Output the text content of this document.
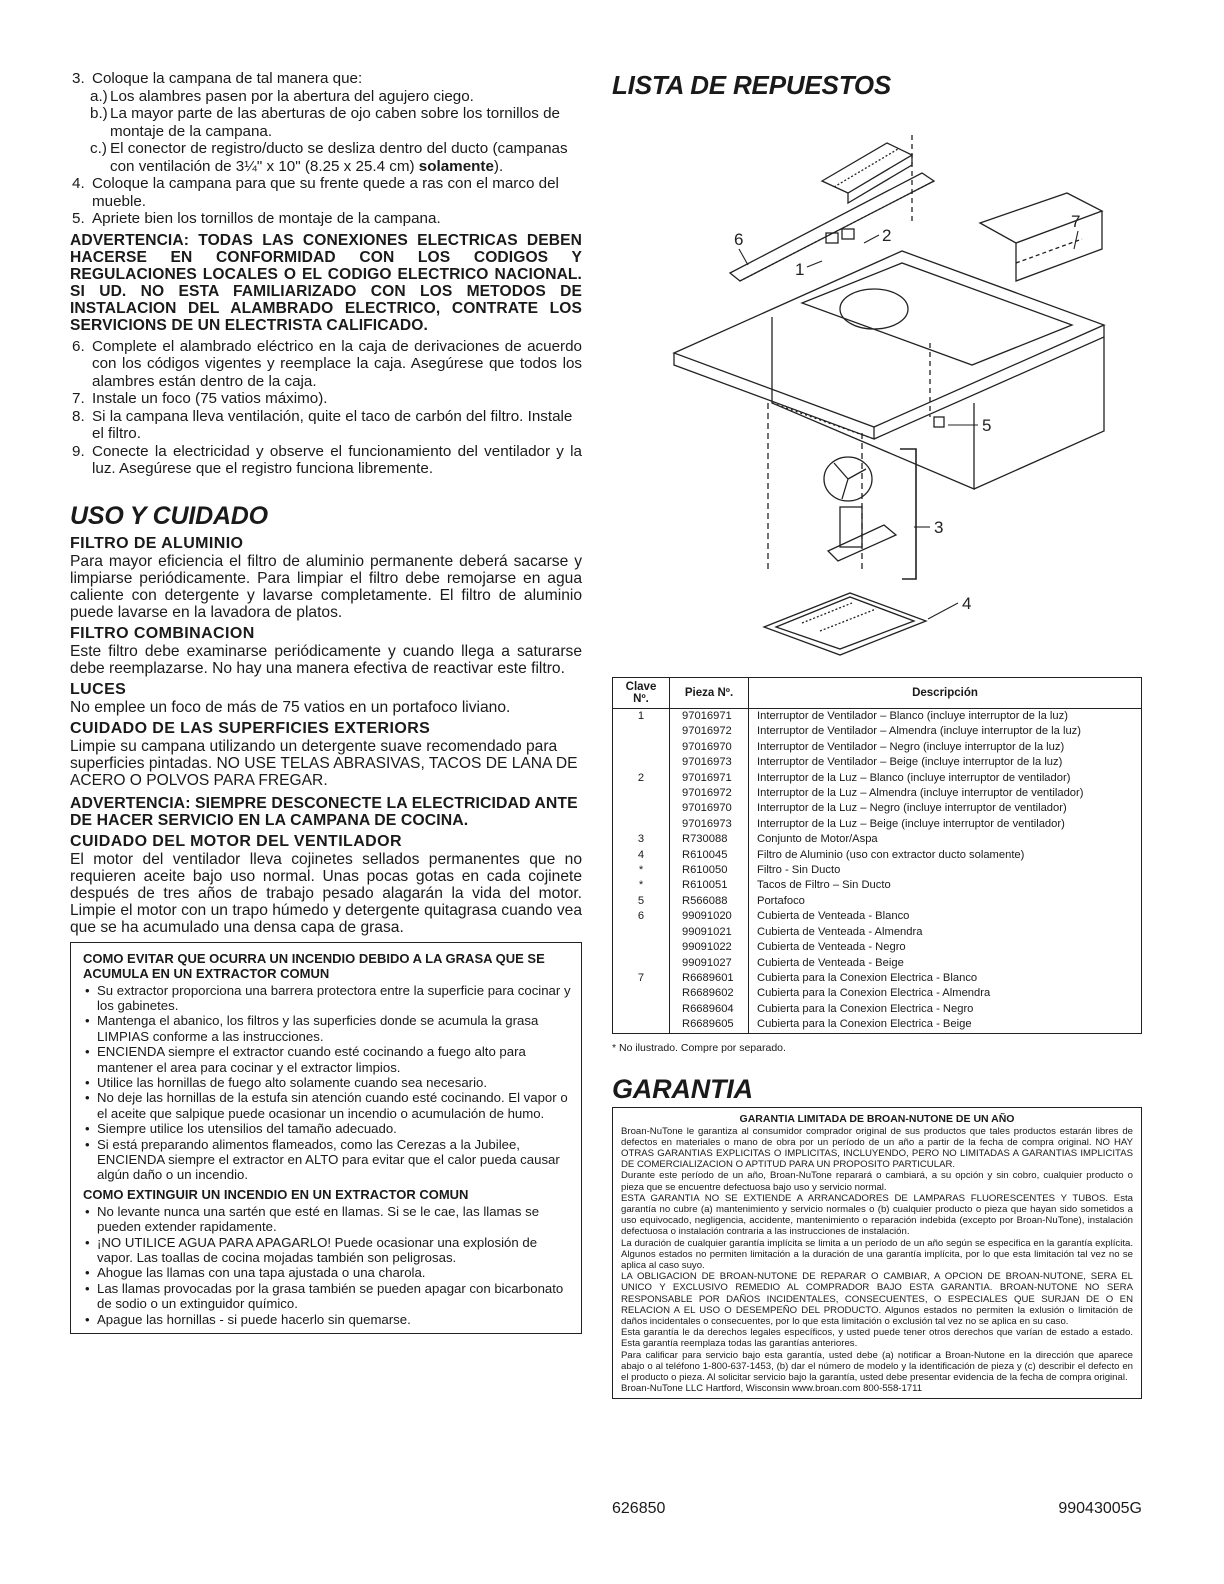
3. Coloque la campana de tal manera que:
a.) Los alambres pasen por la abertura del agujero ciego.
b.) La mayor parte de las aberturas de ojo caben sobre los tornillos de montaje de la campana.
c.) El conector de registro/ducto se desliza dentro del ducto (campanas con ventilación de 3¼" x 10" (8.25 x 25.4 cm) solamente).
4. Coloque la campana para que su frente quede a ras con el marco del mueble.
5. Apriete bien los tornillos de montaje de la campana.
ADVERTENCIA: TODAS LAS CONEXIONES ELECTRICAS DEBEN HACERSE EN CONFORMIDAD CON LOS CODIGOS Y REGULACIONES LOCALES O EL CODIGO ELECTRICO NACIONAL. SI UD. NO ESTA FAMILIARIZADO CON LOS METODOS DE INSTALACION DEL ALAMBRADO ELECTRICO, CONTRATE LOS SERVICIONS DE UN ELECTRISTA CALIFICADO.
6. Complete el alambrado eléctrico en la caja de derivaciones de acuerdo con los códigos vigentes y reemplace la caja. Asegúrese que todos los alambres están dentro de la caja.
7. Instale un foco (75 vatios máximo).
8. Si la campana lleva ventilación, quite el taco de carbón del filtro. Instale el filtro.
9. Conecte la electricidad y observe el funcionamiento del ventilador y la luz. Asegúrese que el registro funciona libremente.
USO Y CUIDADO
FILTRO DE ALUMINIO
Para mayor eficiencia el filtro de aluminio permanente deberá sacarse y limpiarse periódicamente. Para limpiar el filtro debe remojarse en agua caliente con detergente y lavarse completamente. El filtro de aluminio puede lavarse en la lavadora de platos.
FILTRO COMBINACION
Este filtro debe examinarse periódicamente y cuando llega a saturarse debe reemplazarse. No hay una manera efectiva de reactivar este filtro.
LUCES
No emplee un foco de más de 75 vatios en un portafoco liviano.
CUIDADO DE LAS SUPERFICIES EXTERIORS
Limpie su campana utilizando un detergente suave recomendado para superficies pintadas. NO USE TELAS ABRASIVAS, TACOS DE LANA DE ACERO O POLVOS PARA FREGAR.
ADVERTENCIA: SIEMPRE DESCONECTE LA ELECTRICIDAD ANTE DE HACER SERVICIO EN LA CAMPANA DE COCINA.
CUIDADO DEL MOTOR DEL VENTILADOR
El motor del ventilador lleva cojinetes sellados permanentes que no requieren aceite bajo uso normal. Unas pocas gotas en cada cojinete después de tres años de trabajo pesado alagarán la vida del motor. Limpie el motor con un trapo húmedo y detergente quitagrasa cuando vea que se ha acumulado una densa capa de grasa.
COMO EVITAR QUE OCURRA UN INCENDIO DEBIDO A LA GRASA QUE SE ACUMULA EN UN EXTRACTOR COMUN
• Su extractor proporciona una barrera protectora entre la superficie para cocinar y los gabinetes.
• Mantenga el abanico, los filtros y las superficies donde se acumula la grasa LIMPIAS conforme a las instrucciones.
• ENCIENDA siempre el extractor cuando esté cocinando a fuego alto para mantener el area para cocinar y el extractor limpios.
• Utilice las hornillas de fuego alto solamente cuando sea necesario.
• No deje las hornillas de la estufa sin atención cuando esté cocinando. El vapor o el aceite que salpique puede ocasionar un incendio o acumulación de humo.
• Siempre utilice los utensilios del tamaño adecuado.
• Si está preparando alimentos flameados, como las Cerezas a la Jubilee, ENCIENDA siempre el extractor en ALTO para evitar que el calor pueda causar algún daño o un incendio.
COMO EXTINGUIR UN INCENDIO EN UN EXTRACTOR COMUN
• No levante nunca una sartén que esté en llamas. Si se le cae, las llamas se pueden extender rapidamente.
• ¡NO UTILICE AGUA PARA APAGARLO! Puede ocasionar una explosión de vapor. Las toallas de cocina mojadas también son peligrosas.
• Ahogue las llamas con una tapa ajustada o una charola.
• Las llamas provocadas por la grasa también se pueden apagar con bicarbonato de sodio o un extinguidor químico.
• Apague las hornillas - si puede hacerlo sin quemarse.
LISTA DE REPUESTOS
6
1
2
7
5
3
4
Clave Nº.	Pieza Nº.	Descripción
1	97016971	Interruptor de Ventilador – Blanco (incluye interruptor de la luz)
	97016972	Interruptor de Ventilador – Almendra (incluye interruptor de la luz)
	97016970	Interruptor de Ventilador – Negro (incluye interruptor de la luz)
	97016973	Interruptor de Ventilador – Beige (incluye interruptor de la luz)
2	97016971	Interruptor de la Luz – Blanco (incluye interruptor de ventilador)
	97016972	Interruptor de la Luz – Almendra (incluye interruptor de ventilador)
	97016970	Interruptor de la Luz – Negro (incluye interruptor de ventilador)
	97016973	Interruptor de la Luz – Beige (incluye interruptor de ventilador)
3	R730088	Conjunto de Motor/Aspa
4	R610045	Filtro de Aluminio (uso con extractor ducto solamente)
*	R610050	Filtro - Sin Ducto
*	R610051	Tacos de Filtro – Sin Ducto
5	R566088	Portafoco
6	99091020	Cubierta de Venteada - Blanco
	99091021	Cubierta de Venteada - Almendra
	99091022	Cubierta de Venteada - Negro
	99091027	Cubierta de Venteada - Beige
7	R6689601	Cubierta para la Conexion Electrica - Blanco
	R6689602	Cubierta para la Conexion Electrica - Almendra
	R6689604	Cubierta para la Conexion Electrica - Negro
	R6689605	Cubierta para la Conexion Electrica - Beige
* No ilustrado. Compre por separado.
GARANTIA
GARANTIA LIMITADA DE BROAN-NUTONE DE UN AÑO

Broan-NuTone le garantiza al consumidor comprador original de sus productos que tales productos estarán libres de defectos en materiales o mano de obra por un período de un año a partir de la fecha de compra original. NO HAY OTRAS GARANTIAS EXPLICITAS O IMPLICITAS, INCLUYENDO, PERO NO LIMITADAS A GARANTIAS IMPLICITAS DE COMERCIALIZACION O APTITUD PARA UN PROPOSITO PARTICULAR.

Durante este período de un año, Broan-NuTone reparará o cambiará, a su opción y sin cobro, cualquier producto o pieza que se encuentre defectuosa bajo uso y servicio normal.

ESTA GARANTIA NO SE EXTIENDE A ARRANCADORES DE LAMPARAS FLUORESCENTES Y TUBOS. Esta garantía no cubre (a) mantenimiento y servicio normales o (b) cualquier producto o pieza que hayan sido sometidos a uso equivocado, negligencia, accidente, mantenimiento o reparación indebida (excepto por Broan-NuTone), instalación defectuosa o instalación contraria a las instrucciones de instalación.

La duración de cualquier garantía implícita se limita a un período de un año según se especifica en la garantía explícita. Algunos estados no permiten limitación a la duración de una garantía implícita, por lo que esta limitación tal vez no se aplica al caso suyo.

LA OBLIGACION DE BROAN-NUTONE DE REPARAR O CAMBIAR, A OPCION DE BROAN-NUTONE, SERA EL UNICO Y EXCLUSIVO REMEDIO AL COMPRADOR BAJO ESTA GARANTIA. BROAN-NUTONE NO SERA RESPONSABLE POR DAÑOS INCIDENTALES, CONSECUENTES, O ESPECIALES QUE SURJAN DE O EN RELACION A EL USO O DESEMPEÑO DEL PRODUCTO. Algunos estados no permiten la exlusión o limitación de daños incidentales o consecuentes, por lo que esta limitación o exclusión tal vez no se aplica en su caso.

Esta garantía le da derechos legales específicos, y usted puede tener otros derechos que varían de estado a estado. Esta garantía reemplaza todas las garantías anteriores.

Para calificar para servicio bajo esta garantía, usted debe (a) notificar a Broan-Nutone en la dirección que aparece abajo o al teléfono 1-800-637-1453, (b) dar el número de modelo y la identificación de pieza y (c) describir el defecto en el producto o pieza. Al solicitar servicio bajo la garantía, usted debe presentar evidencia de la fecha de compra original.

Broan-NuTone LLC Hartford, Wisconsin www.broan.com 800-558-1711

626850	99043005G
